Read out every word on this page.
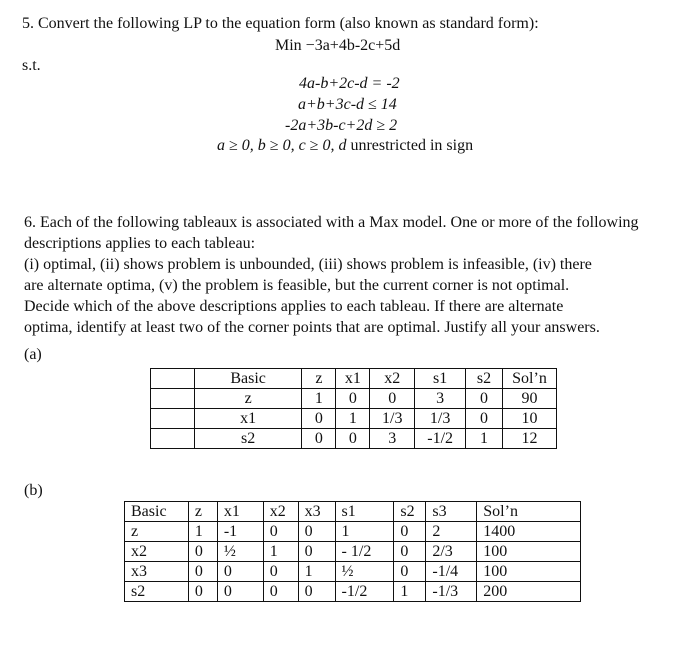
5. Convert the following LP to the equation form (also known as standard form):
Min −3a+4b-2c+5d
s.t.
4a-b+2c-d = -2
a+b+3c-d ≤ 14
-2a+3b-c+2d ≥ 2
a ≥ 0, b ≥ 0, c ≥ 0, d unrestricted in sign
6. Each of the following tableaux is associated with a Max model. One or more of the following
descriptions applies to each tableau:
(i) optimal, (ii) shows problem is unbounded, (iii) shows problem is infeasible, (iv) there
are alternate optima, (v) the problem is feasible, but the current corner is not optimal.
Decide which of the above descriptions applies to each tableau. If there are alternate
optima, identify at least two of the corner points that are optimal. Justify all your answers.
(a)
	Basic	z	x1	x2	s1	s2	Sol’n
	z	1	0	0	3	0	90
	x1	0	1	1/3	1/3	0	10
	s2	0	0	3	-1/2	1	12
(b)
Basic	z	x1	x2	x3	s1	s2	s3	Sol’n
z	1	-1	0	0	1	0	2	1400
x2	0	½	1	0	- 1/2	0	2/3	100
x3	0	0	0	1	½	0	-1/4	100
s2	0	0	0	0	-1/2	1	-1/3	200
